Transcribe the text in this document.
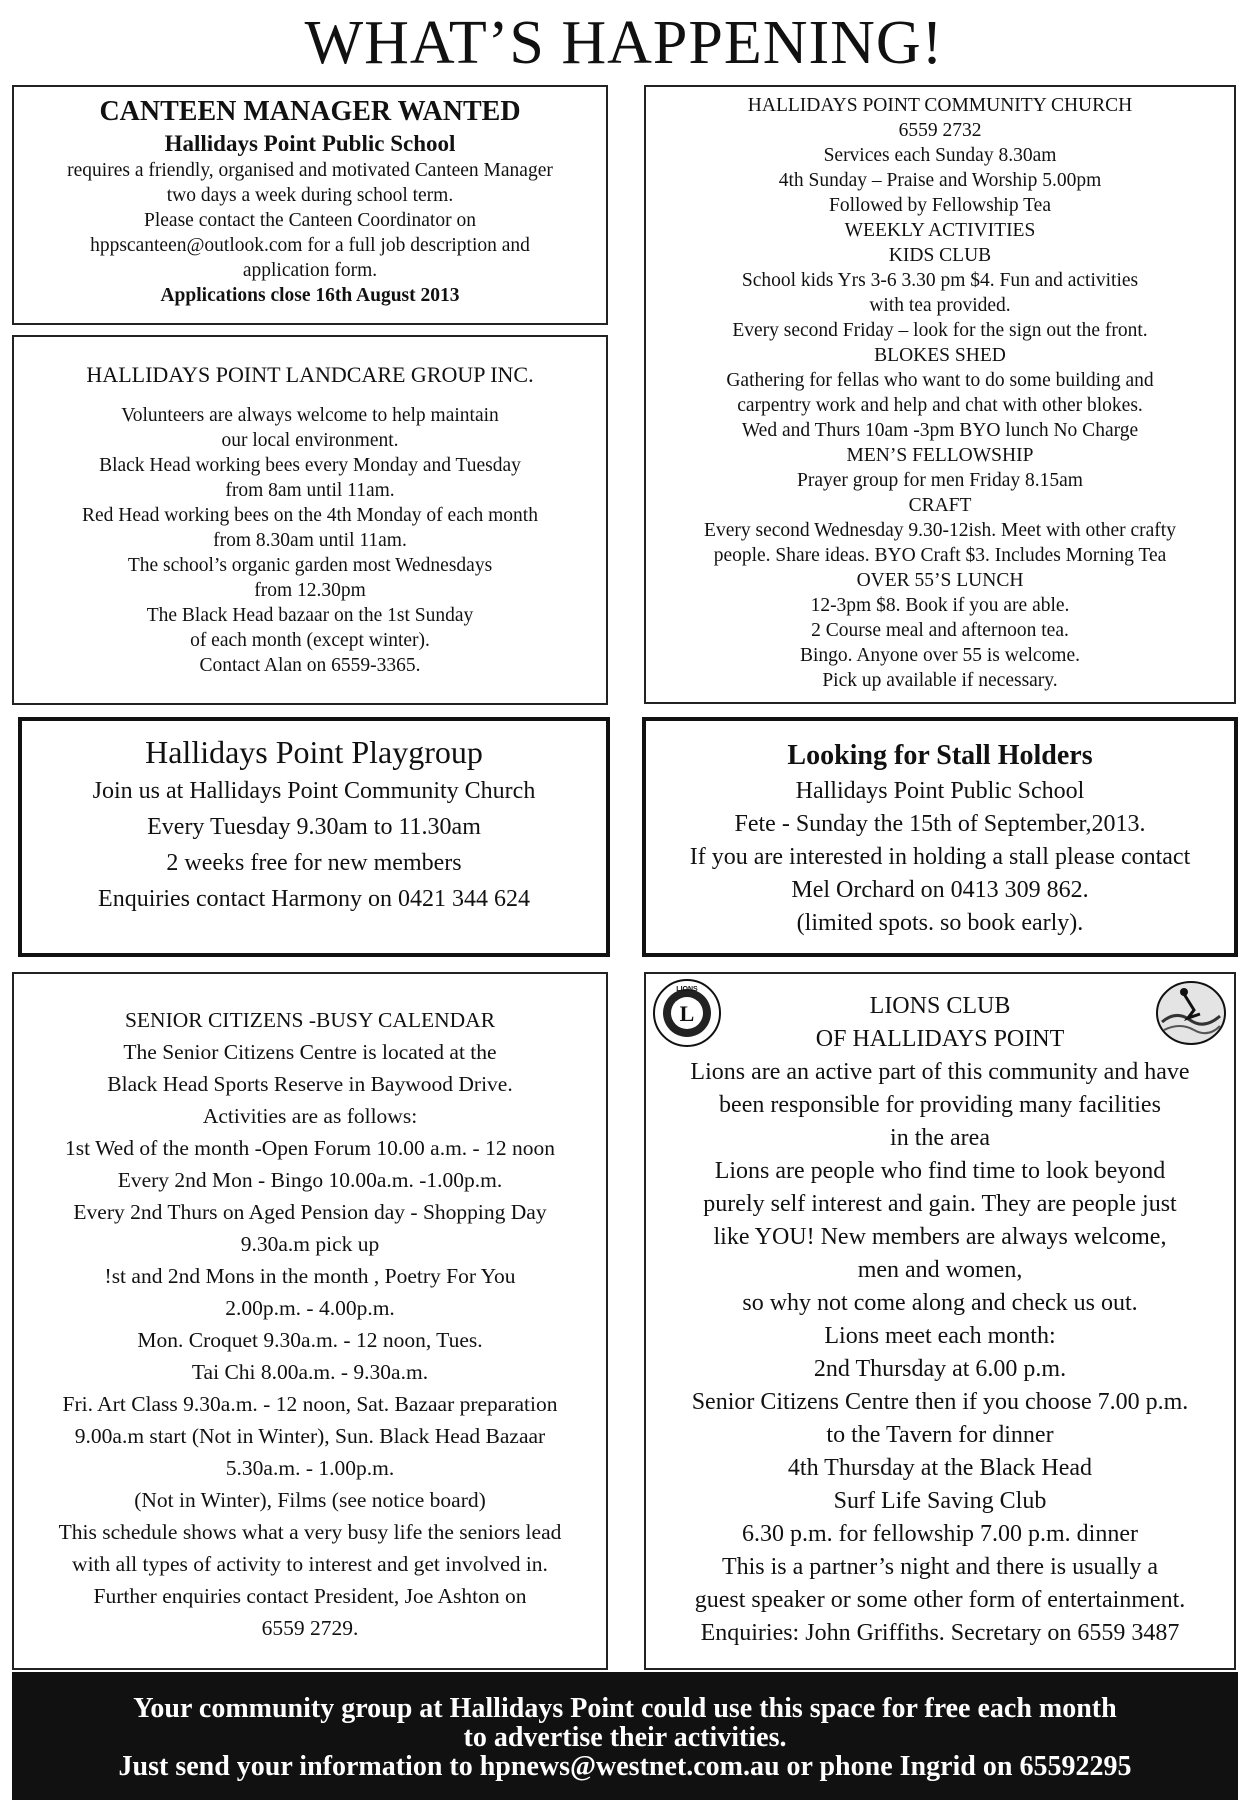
WHAT’S HAPPENING!
CANTEEN MANAGER WANTED
Hallidays Point Public School
requires a friendly, organised and motivated Canteen Manager
two days a week during school term.
Please contact the Canteen Coordinator on
hppscanteen@outlook.com for a full job description and
application form.
Applications close 16th August 2013
HALLIDAYS POINT LANDCARE GROUP INC.
Volunteers are always welcome to help maintain
our local environment.
Black Head working bees every Monday and Tuesday
from 8am until 11am.
Red Head working bees on the 4th Monday of each month
from 8.30am until 11am.
The school’s organic garden most Wednesdays
from 12.30pm
The Black Head bazaar on the 1st Sunday
of each month (except winter).
Contact Alan on 6559-3365.
HALLIDAYS POINT COMMUNITY CHURCH
6559 2732
Services each Sunday 8.30am
4th Sunday – Praise and Worship 5.00pm
Followed by Fellowship Tea
WEEKLY ACTIVITIES
KIDS CLUB
School kids Yrs 3-6 3.30 pm $4. Fun and activities
with tea provided.
Every second Friday – look for the sign out the front.
BLOKES SHED
Gathering for fellas who want to do some building and
carpentry work and help and chat with other blokes.
Wed and Thurs 10am -3pm BYO lunch No Charge
MEN’S FELLOWSHIP
Prayer group for men Friday 8.15am
CRAFT
Every second Wednesday 9.30-12ish. Meet with other crafty
people. Share ideas. BYO Craft $3. Includes Morning Tea
OVER 55’S LUNCH
12-3pm $8. Book if you are able.
2 Course meal and afternoon tea.
Bingo. Anyone over 55 is welcome.
Pick up available if necessary.
Hallidays Point Playgroup
Join us at Hallidays Point Community Church
Every Tuesday 9.30am to 11.30am
2 weeks free for new members
Enquiries contact Harmony on 0421 344 624
Looking for Stall Holders
Hallidays Point Public School
Fete - Sunday the 15th of September,2013.
If you are interested in holding a stall please contact
Mel Orchard on 0413 309 862.
(limited spots. so book early).
SENIOR CITIZENS -BUSY CALENDAR
The Senior Citizens Centre is located at the
Black Head Sports Reserve in Baywood Drive.
Activities are as follows:
1st Wed of the month -Open Forum 10.00 a.m. - 12 noon
Every 2nd Mon - Bingo 10.00a.m. -1.00p.m.
Every 2nd Thurs on Aged Pension day - Shopping Day
9.30a.m pick up
!st and 2nd Mons in the month , Poetry For You
2.00p.m. - 4.00p.m.
Mon. Croquet 9.30a.m. - 12 noon, Tues.
Tai Chi 8.00a.m. - 9.30a.m.
Fri. Art Class 9.30a.m. - 12 noon, Sat. Bazaar preparation
9.00a.m start (Not in Winter), Sun. Black Head Bazaar
5.30a.m. - 1.00p.m.
(Not in Winter), Films (see notice board)
This schedule shows what a very busy life the seniors lead
with all types of activity to interest and get involved in.
Further enquiries contact President, Joe Ashton on
6559 2729.
L
LIONS
LIONS CLUB
OF HALLIDAYS POINT
Lions are an active part of this community and have
been responsible for providing many facilities
in the area
Lions are people who find time to look beyond
purely self interest and gain. They are people just
like YOU! New members are always welcome,
men and women,
so why not come along and check us out.
Lions meet each month:
2nd Thursday at 6.00 p.m.
Senior Citizens Centre then if you choose 7.00 p.m.
to the Tavern for dinner
4th Thursday at the Black Head
Surf Life Saving Club
6.30 p.m. for fellowship 7.00 p.m. dinner
This is a partner’s night and there is usually a
guest speaker or some other form of entertainment.
Enquiries: John Griffiths. Secretary on 6559 3487
Your community group at Hallidays Point could use this space for free each month
to advertise their activities.
Just send your information to hpnews@westnet.com.au or phone Ingrid on 65592295
